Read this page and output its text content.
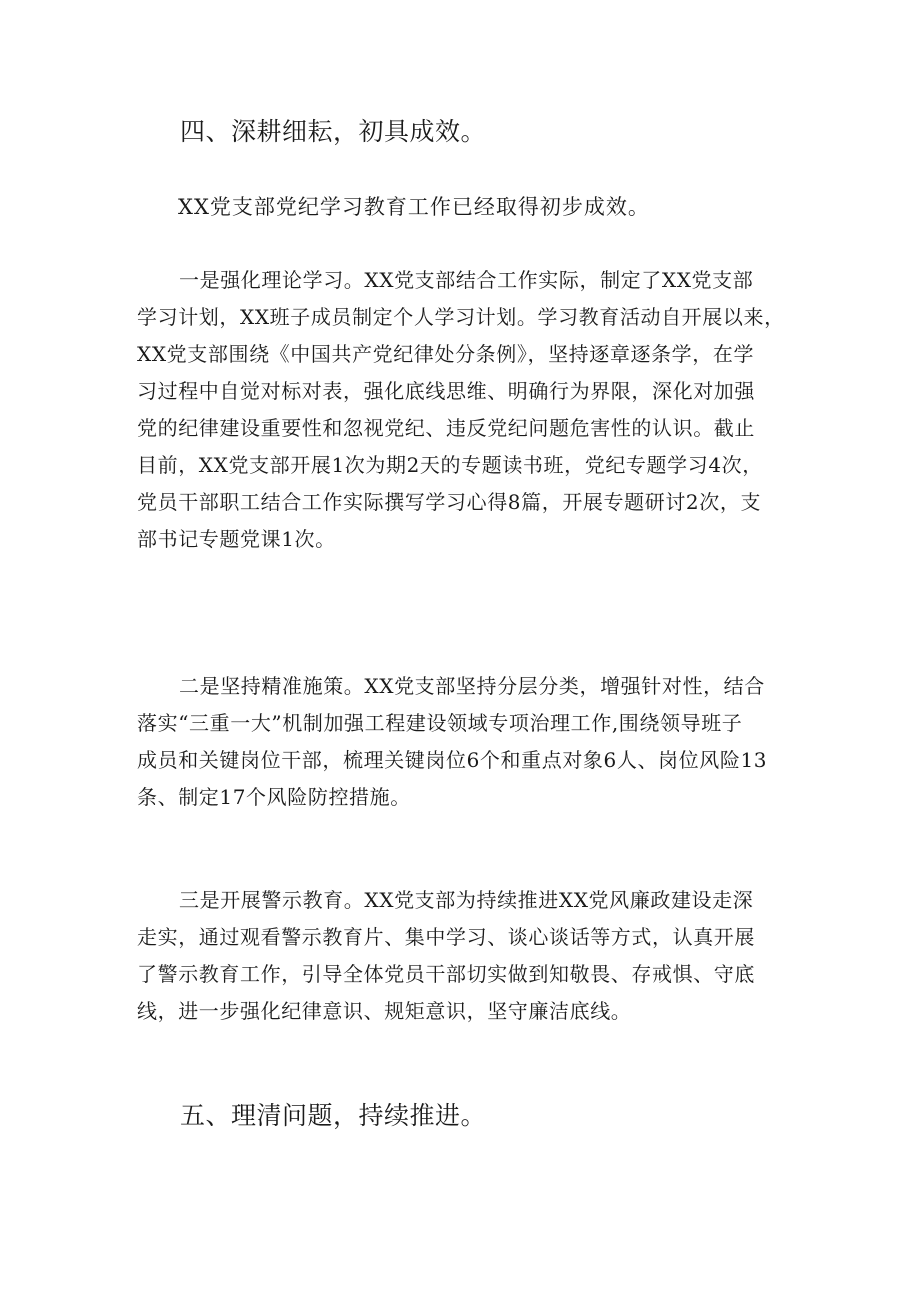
四、深耕细耘，初具成效。

XX党支部党纪学习教育工作已经取得初步成效。

一是强化理论学习。XX党支部结合工作实际，制定了XX党支部
学习计划，XX班子成员制定个人学习计划。学习教育活动自开展以来，
XX党支部围绕《中国共产党纪律处分条例》，坚持逐章逐条学，在学
习过程中自觉对标对表，强化底线思维、明确行为界限，深化对加强
党的纪律建设重要性和忽视党纪、违反党纪问题危害性的认识。截止
目前，XX党支部开展1次为期2天的专题读书班，党纪专题学习4次，
党员干部职工结合工作实际撰写学习心得8篇，开展专题研讨2次，支
部书记专题党课1次。
二是坚持精准施策。XX党支部坚持分层分类，增强针对性，结合
落实“三重一大”机制加强工程建设领域专项治理工作,围绕领导班子
成员和关键岗位干部，梳理关键岗位6个和重点对象6人、岗位风险13
条、制定17个风险防控措施。
三是开展警示教育。XX党支部为持续推进XX党风廉政建设走深
走实，通过观看警示教育片、集中学习、谈心谈话等方式，认真开展
了警示教育工作，引导全体党员干部切实做到知敬畏、存戒惧、守底
线，进一步强化纪律意识、规矩意识，坚守廉洁底线。
五、理清问题，持续推进。
